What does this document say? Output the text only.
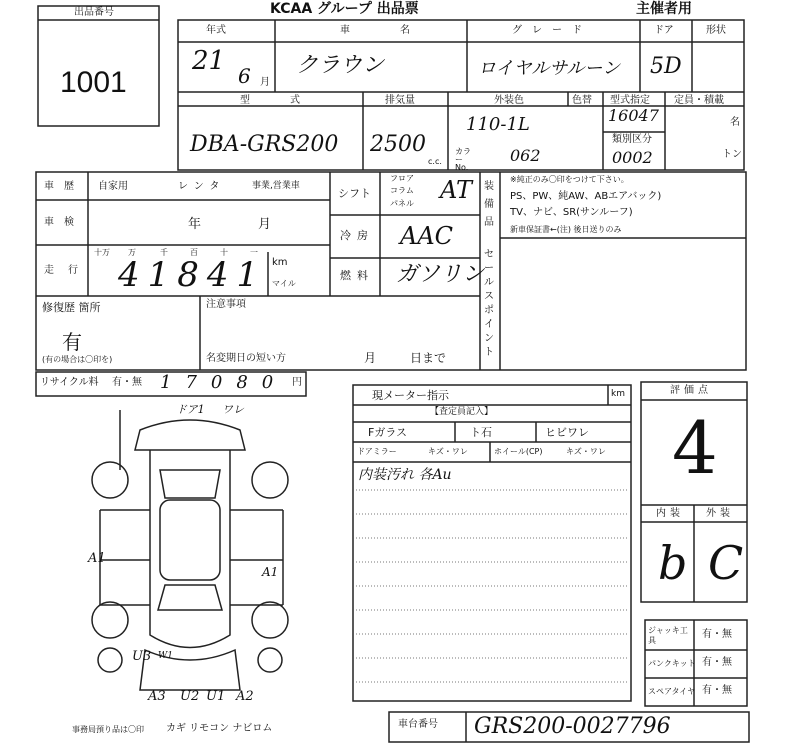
出品番号
1001
KCAA グループ 出品票	主催者用
年式
21 6 月
車名
クラウン
グレード
ロイヤルサルーン
ドア
5D
形状
型式
DBA-GRS200
排気量
2500
c.c.
外装色
110-1L
カラーNo.
062
色替 型式指定
16047
類別区分
0002
定員・積載
名
トン
車歴 自家用	レンタ	事業,営業車
車検	年	月
走行
十万 万	千	百	十	一
41841 km
マイル
シフト
フロア
コラム
パネル AT
冷房 AAC
燃料 ガソリン
装備品
※純正のみ〇印をつけて下さい。
PS、PW、純AW、ABエアバック)
TV、ナビ、SR(サンルーフ)
新車保証書←(注) 後日送りのみ
セールスポイント
修復歴 箇所
有
(有の場合は〇印を)
注意事項
名変期日の短い方	月	日まで
リサイクル料 有・無 17080 円
現メーター指示	km
【査定員記入】
Fガラス	ト石	ヒビワレ
ドアミラー	キズ・ワレ	ホイール(CP)	キズ・ワレ
内装汚れ 各Au
評価点
4
内装 外装
b C
ジャッキ工具
有・無
パンクキット 有・無
スペアタイヤ 有・無
ドア1 ワレ
A1
A1
U3 W1
A3 U2 U1 A2
事務局預り品は〇印 カギ リモコン ナビロム	車台番号 GRS200-0027796
